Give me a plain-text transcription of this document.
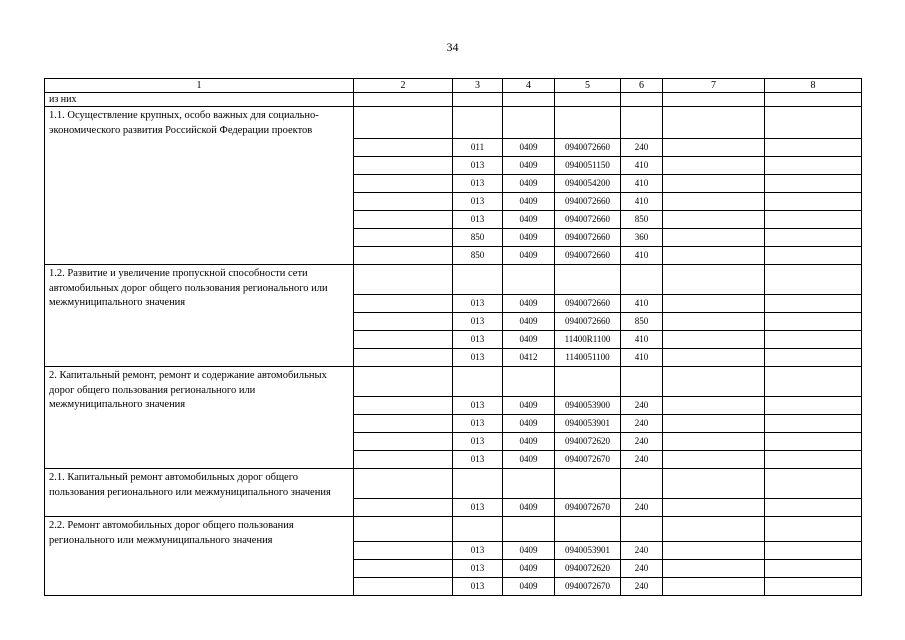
34
1	2	3	4	5	6	7	8
из них							
1.1. Осуществление крупных, особо важных для социально-экономического развития Российской Федерации проектов							
		011	0409	0940072660	240		
		013	0409	0940051150	410		
		013	0409	0940054200	410		
		013	0409	0940072660	410		
		013	0409	0940072660	850		
		850	0409	0940072660	360		
		850	0409	0940072660	410		
1.2. Развитие и увеличение пропускной способности сети автомобильных дорог общего пользования регионального или межмуниципального значения							
		013	0409	0940072660	410		
		013	0409	0940072660	850		
		013	0409	11400R1100	410		
		013	0412	1140051100	410		
2. Капитальный ремонт, ремонт и содержание автомобильных дорог общего пользования регионального или межмуниципального значения							
		013	0409	0940053900	240		
		013	0409	0940053901	240		
		013	0409	0940072620	240		
		013	0409	0940072670	240		
2.1. Капитальный ремонт автомобильных дорог общего пользования регионального или межмуниципального значения							
		013	0409	0940072670	240		
2.2. Ремонт автомобильных дорог общего пользования регионального или межмуниципального значения							
		013	0409	0940053901	240		
		013	0409	0940072620	240		
		013	0409	0940072670	240		
